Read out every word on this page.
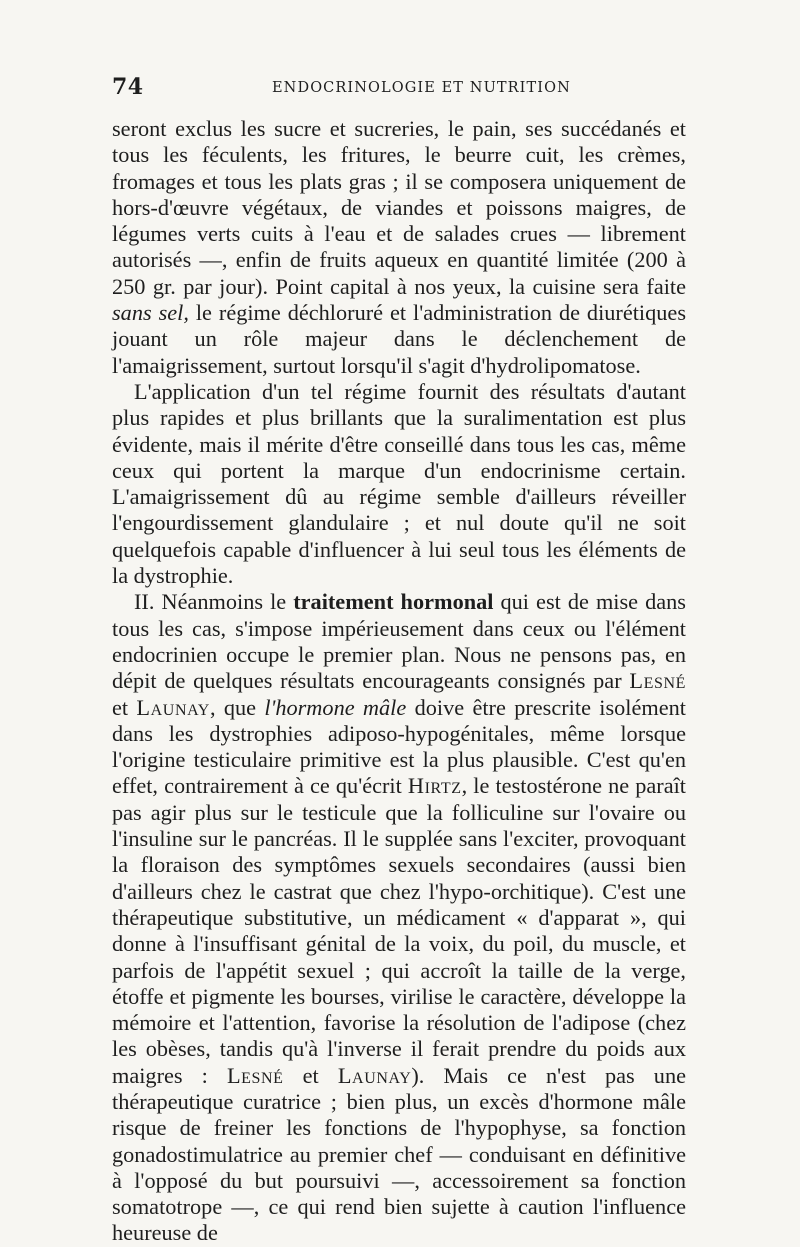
74	ENDOCRINOLOGIE ET NUTRITION

seront exclus les sucre et sucreries, le pain, ses succédanés et tous les féculents, les fritures, le beurre cuit, les crèmes, fromages et tous les plats gras ; il se composera uniquement de hors-d'œuvre végétaux, de viandes et poissons maigres, de légumes verts cuits à l'eau et de salades crues — librement autorisés —, enfin de fruits aqueux en quantité limitée (200 à 250 gr. par jour). Point capital à nos yeux, la cuisine sera faite sans sel, le régime déchloruré et l'administration de diurétiques jouant un rôle majeur dans le déclenchement de l'amaigrissement, surtout lorsqu'il s'agit d'hydrolipomatose.

L'application d'un tel régime fournit des résultats d'autant plus rapides et plus brillants que la suralimentation est plus évidente, mais il mérite d'être conseillé dans tous les cas, même ceux qui portent la marque d'un endocrinisme certain. L'amaigrissement dû au régime semble d'ailleurs réveiller l'engourdissement glandulaire ; et nul doute qu'il ne soit quelquefois capable d'influencer à lui seul tous les éléments de la dystrophie.

II. Néanmoins le traitement hormonal qui est de mise dans tous les cas, s'impose impérieusement dans ceux ou l'élément endocrinien occupe le premier plan. Nous ne pensons pas, en dépit de quelques résultats encourageants consignés par Lesné et Launay, que l'hormone mâle doive être prescrite isolément dans les dystrophies adiposo-hypogénitales, même lorsque l'origine testiculaire primitive est la plus plausible. C'est qu'en effet, contrairement à ce qu'écrit Hirtz, le testostérone ne paraît pas agir plus sur le testicule que la folliculine sur l'ovaire ou l'insuline sur le pancréas. Il le supplée sans l'exciter, provoquant la floraison des symptômes sexuels secondaires (aussi bien d'ailleurs chez le castrat que chez l'hypo-orchitique). C'est une thérapeutique substitutive, un médicament « d'apparat », qui donne à l'insuffisant génital de la voix, du poil, du muscle, et parfois de l'appétit sexuel ; qui accroît la taille de la verge, étoffe et pigmente les bourses, virilise le caractère, développe la mémoire et l'attention, favorise la résolution de l'adipose (chez les obèses, tandis qu'à l'inverse il ferait prendre du poids aux maigres : Lesné et Launay). Mais ce n'est pas une thérapeutique curatrice ; bien plus, un excès d'hormone mâle risque de freiner les fonctions de l'hypophyse, sa fonction gonadostimulatrice au premier chef — conduisant en définitive à l'opposé du but poursuivi —, accessoirement sa fonction somatotrope —, ce qui rend bien sujette à caution l'influence heureuse de
